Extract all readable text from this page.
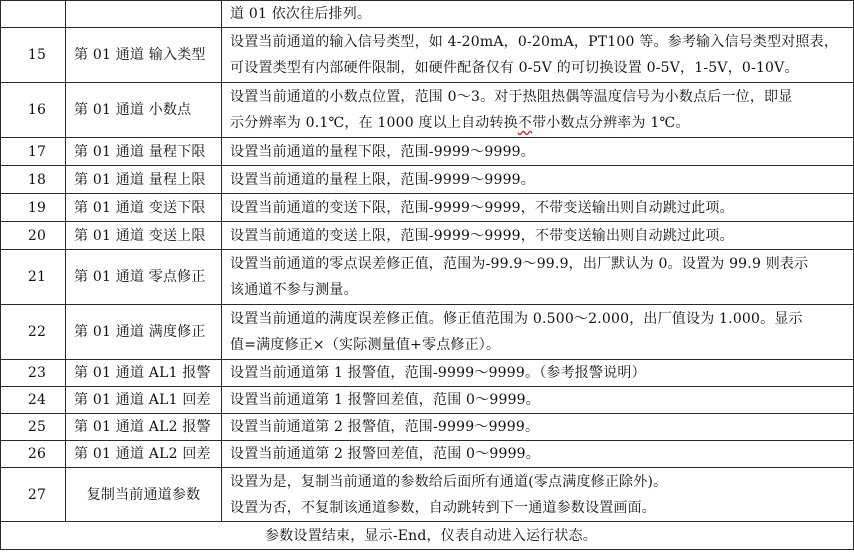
		道 01 依次往后排列。

15	第 01 通道 输入类型	设置当前通道的输入信号类型，如 4-20mA，0-20mA，PT100 等。参考输入信号类型对照表，
可设置类型有内部硬件限制，如硬件配备仅有 0-5V 的可切换设置 0-5V，1-5V，0-10V。

16	第 01 通道 小数点	设置当前通道的小数点位置，范围 0～3。对于热阻热偶等温度信号为小数点后一位，即显
示分辨率为 0.1℃，在 1000 度以上自动转换不带小数点分辨率为 1℃。

17	第 01 通道 量程下限	设置当前通道的量程下限，范围-9999～9999。

18	第 01 通道 量程上限	设置当前通道的量程上限，范围-9999～9999。

19	第 01 通道 变送下限	设置当前通道的变送下限，范围-9999～9999，不带变送输出则自动跳过此项。

20	第 01 通道 变送上限	设置当前通道的变送上限，范围-9999～9999，不带变送输出则自动跳过此项。

21	第 01 通道 零点修正	设置当前通道的零点误差修正值，范围为-99.9～99.9，出厂默认为 0。设置为 99.9 则表示
该通道不参与测量。

22	第 01 通道 满度修正	设置当前通道的满度误差修正值。修正值范围为 0.500～2.000，出厂值设为 1.000。显示
值=满度修正×（实际测量值+零点修正）。

23	第 01 通道 AL1 报警	设置当前通道第 1 报警值，范围-9999～9999。（参考报警说明）

24	第 01 通道 AL1 回差	设置当前通道第 1 报警回差值，范围 0～9999。

25	第 01 通道 AL2 报警	设置当前通道第 2 报警值，范围-9999～9999。

26	第 01 通道 AL2 回差	设置当前通道第 2 报警回差值，范围 0～9999。

27	复制当前通道参数	设置为是，复制当前通道的参数给后面所有通道(零点满度修正除外)。
设置为否，不复制该通道参数，自动跳转到下一通道参数设置画面。

参数设置结束，显示-End，仪表自动进入运行状态。		
